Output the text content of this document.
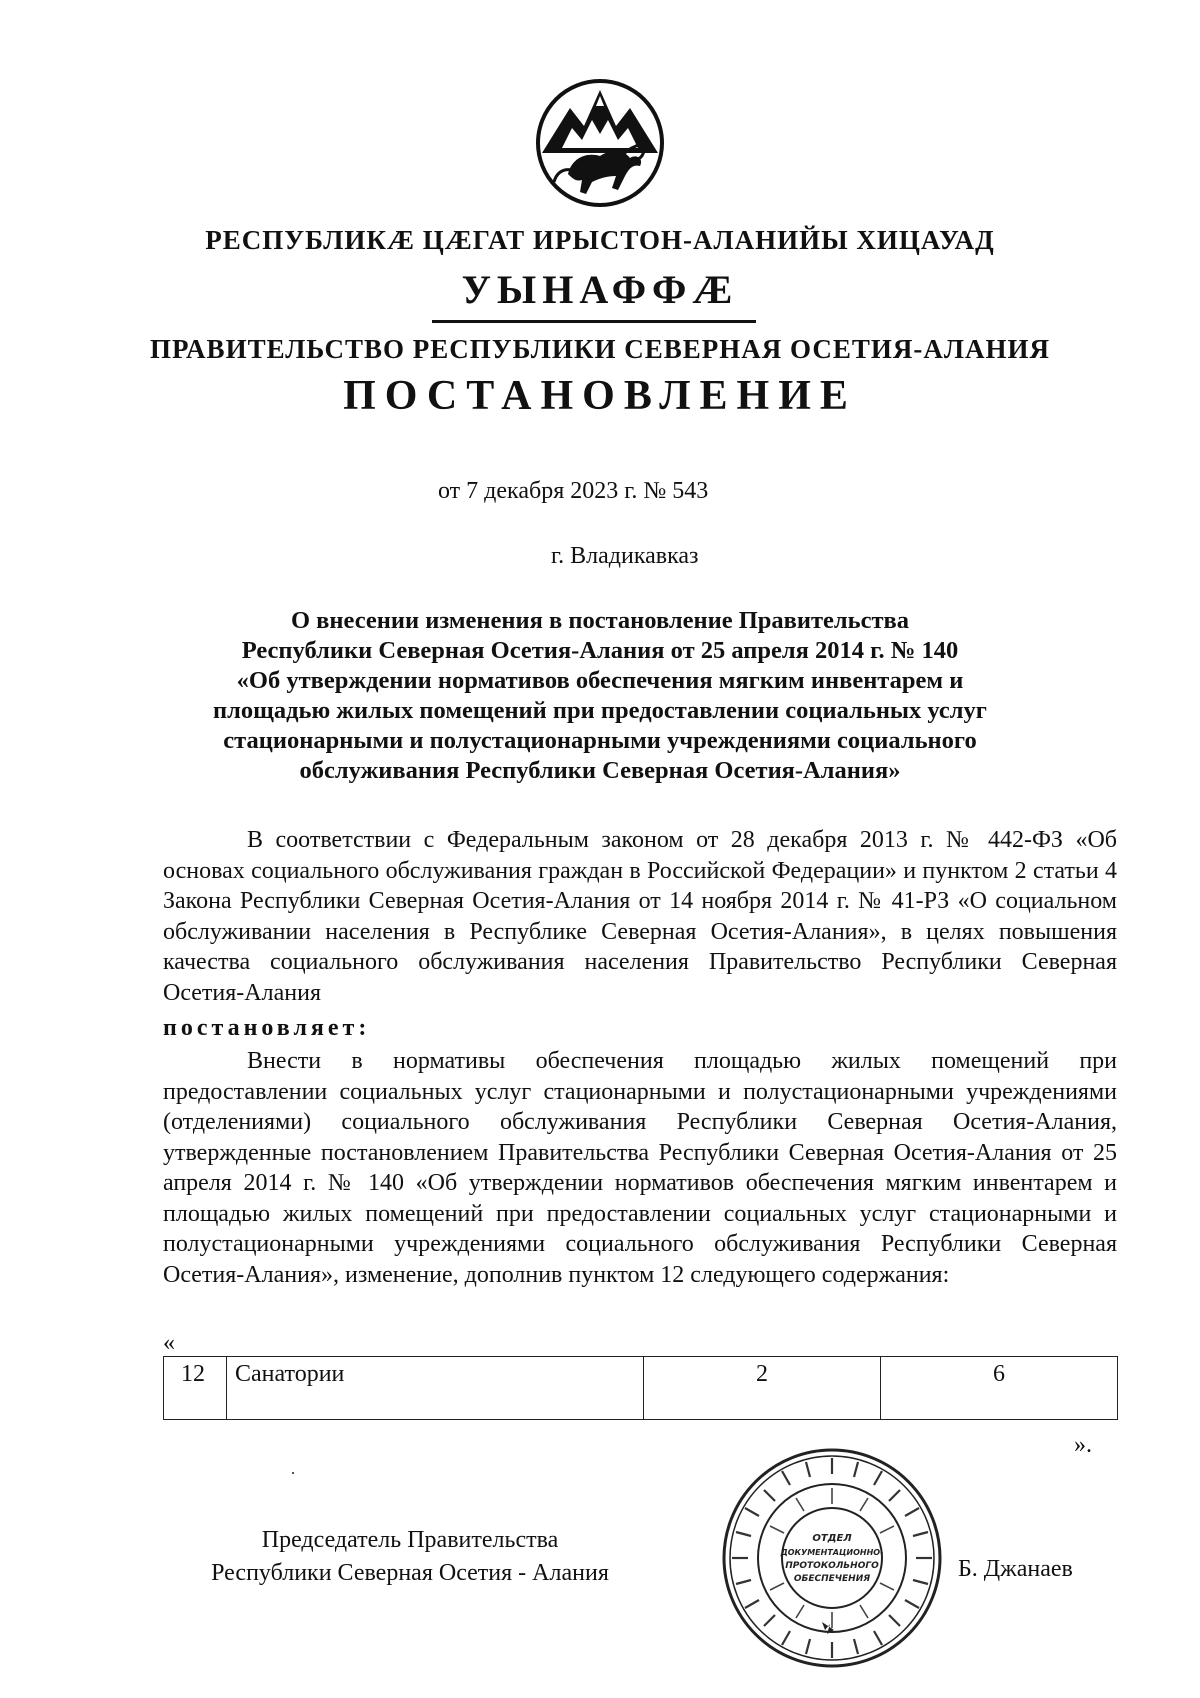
РЕСПУБЛИКÆ ЦÆГАТ ИРЫСТОН-АЛАНИЙЫ ХИЦАУАД
УЫНАФФÆ
ПРАВИТЕЛЬСТВО РЕСПУБЛИКИ СЕВЕРНАЯ ОСЕТИЯ-АЛАНИЯ
ПОСТАНОВЛЕНИЕ
от 7 декабря 2023 г. № 543
г. Владикавказ
О внесении изменения в постановление Правительства
Республики Северная Осетия-Алания от 25 апреля 2014 г. № 140
«Об утверждении нормативов обеспечения мягким инвентарем и
площадью жилых помещений при предоставлении социальных услуг
стационарными и полустационарными учреждениями социального
обслуживания Республики Северная Осетия-Алания»

В соответствии с Федеральным законом от 28 декабря 2013 г. № 442-ФЗ «Об основах социального обслуживания граждан в Российской Федерации» и пунктом 2 статьи 4 Закона Республики Северная Осетия-Алания от 14 ноября 2014 г. № 41-РЗ «О социальном обслуживании населения в Республике Северная Осетия-Алания», в целях повышения качества социального обслуживания населения Правительство Республики Северная Осетия-Алания

постановляет:

Внести в нормативы обеспечения площадью жилых помещений при предоставлении социальных услуг стационарными и полустационарными учреждениями (отделениями) социального обслуживания Республики Северная Осетия-Алания, утвержденные постановлением Правительства Республики Северная Осетия-Алания от 25 апреля 2014 г. № 140 «Об утверждении нормативов обеспечения мягким инвентарем и площадью жилых помещений при предоставлении социальных услуг стационарными и полустационарными учреждениями социального обслуживания Республики Северная Осетия-Алания», изменение, дополнив пунктом 12 следующего содержания:

«
12	Санатории	2	6
».
Председатель Правительства
Республики Северная Осетия - Алания
ОТДЕЛ
ДОКУМЕНТАЦИОННО-
ПРОТОКОЛЬНОГО
ОБЕСПЕЧЕНИЯ	Б. Джанаев
